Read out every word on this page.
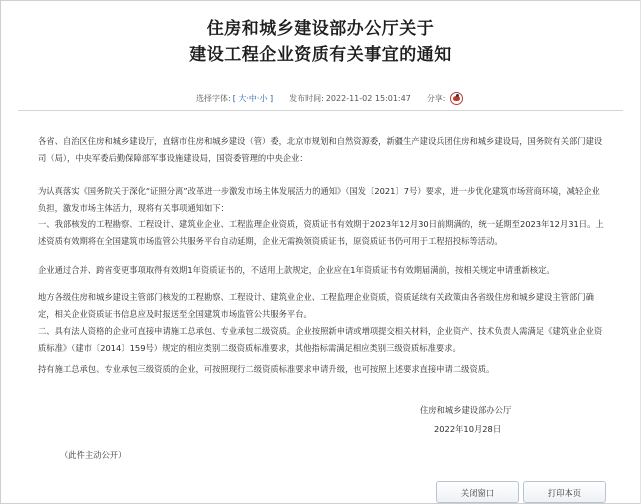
住房和城乡建设部办公厅关于
建设工程企业资质有关事宜的通知
选择字体: [ 大·中·小 ] 发布时间: 2022-11-02 15:01:47 分享:

各省、自治区住房和城乡建设厅，直辖市住房和城乡建设（管）委，北京市规划和自然资源委，新疆生产建设兵团住房和城乡建设局，国务院有关部门建设司（局），中央军委后勤保障部军事设施建设局，国资委管理的中央企业：

为认真落实《国务院关于深化“证照分离”改革进一步激发市场主体发展活力的通知》（国发〔2021〕7号）要求，进一步优化建筑市场营商环境，减轻企业负担，激发市场主体活力，现将有关事项通知如下：

一、我部核发的工程勘察、工程设计、建筑业企业、工程监理企业资质，资质证书有效期于2023年12月30日前期满的，统一延期至2023年12月31日。上述资质有效期将在全国建筑市场监管公共服务平台自动延期，企业无需换领资质证书，原资质证书仍可用于工程招投标等活动。

企业通过合并、跨省变更事项取得有效期1年资质证书的，不适用上款规定，企业应在1年资质证书有效期届满前，按相关规定申请重新核定。

地方各级住房和城乡建设主管部门核发的工程勘察、工程设计、建筑业企业、工程监理企业资质，资质延续有关政策由各省级住房和城乡建设主管部门确定，相关企业资质证书信息应及时报送至全国建筑市场监管公共服务平台。

二、具有法人资格的企业可直接申请施工总承包、专业承包二级资质。企业按照新申请或增项提交相关材料，企业资产、技术负责人需满足《建筑业企业资质标准》（建市〔2014〕159号）规定的相应类别二级资质标准要求，其他指标需满足相应类别三级资质标准要求。

持有施工总承包、专业承包三级资质的企业，可按照现行二级资质标准要求申请升级，也可按照上述要求直接申请二级资质。

住房和城乡建设部办公厅
2022年10月28日
（此件主动公开）
关闭窗口	打印本页
